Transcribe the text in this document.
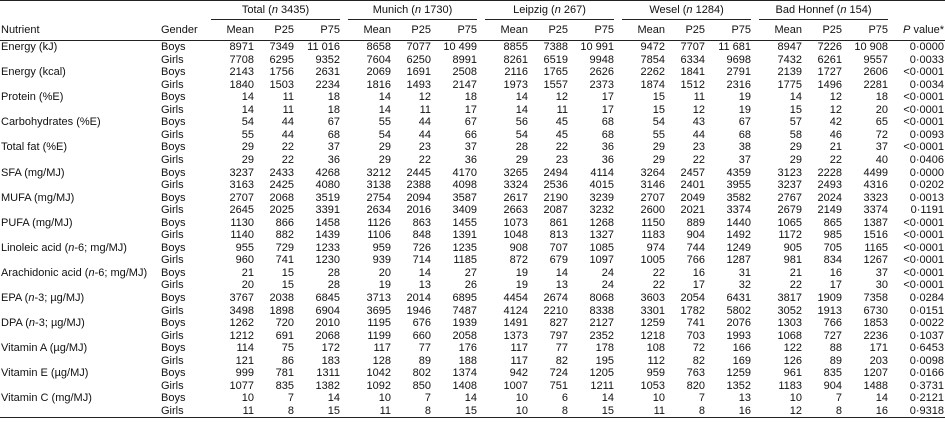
		Total (n 3435)				Munich (n 1730)				Leipzig (n 267)				Wesel (n 1284)				Bad Honnef (n 154)			
Nutrient	Gender	Mean	P25	P75		Mean	P25	P75		Mean	P25	P75		Mean	P25	P75		Mean	P25	P75	P value*
Energy (kJ)	Boys	8971	7349	11 016		8658	7077	10 499		8855	7388	10 991		9472	7707	11 681		8947	7226	10 908	0·0000
	Girls	7708	6295	9352		7604	6250	8991		8261	6519	9948		7854	6334	9698		7432	6261	9557	0·0033
Energy (kcal)	Boys	2143	1756	2631		2069	1691	2508		2116	1765	2626		2262	1841	2791		2139	1727	2606	<0·0001
	Girls	1840	1503	2234		1816	1493	2147		1973	1557	2373		1874	1512	2316		1775	1496	2281	0·0034
Protein (%E)	Boys	14	11	18		14	12	18		14	12	17		15	11	19		14	12	18	<0·0001
	Girls	14	11	18		14	11	17		14	11	17		15	12	19		15	12	20	<0·0001
Carbohydrates (%E)	Boys	54	44	67		55	44	67		56	45	68		54	43	67		57	42	65	<0·0001
	Girls	55	44	68		54	44	66		54	45	68		55	44	68		58	46	72	0·0093
Total fat (%E)	Boys	29	22	37		29	23	37		28	22	36		29	23	38		29	21	37	<0·0001
	Girls	29	22	36		29	22	36		29	23	36		29	22	37		29	22	40	0·0406
SFA (mg/MJ)	Boys	3237	2433	4268		3212	2445	4170		3265	2494	4114		3264	2457	4359		3123	2228	4499	0·0000
	Girls	3163	2425	4080		3138	2388	4098		3324	2536	4015		3146	2401	3955		3237	2493	4316	0·0202
MUFA (mg/MJ)	Boys	2707	2068	3519		2754	2094	3587		2617	2190	3239		2707	2049	3582		2767	2024	3323	0·0013
	Girls	2645	2025	3391		2634	2016	3409		2663	2087	3232		2600	2021	3374		2679	2149	3374	0·1191
PUFA (mg/MJ)	Boys	1130	866	1458		1126	863	1455		1073	861	1268		1150	889	1440		1065	865	1387	<0·0001
	Girls	1140	882	1439		1106	848	1391		1048	813	1327		1183	904	1492		1172	985	1516	<0·0001
Linoleic acid (n-6; mg/MJ)	Boys	955	729	1233		959	726	1235		908	707	1085		974	744	1249		905	705	1165	<0·0001
	Girls	960	741	1230		939	714	1185		872	679	1097		1005	766	1287		981	834	1267	<0·0001
Arachidonic acid (n-6; mg/MJ)	Boys	21	15	28		20	14	27		19	14	24		22	16	31		21	16	37	<0·0001
	Girls	20	15	28		19	13	26		19	13	24		22	17	32		22	17	30	<0·0001
EPA (n-3; µg/MJ)	Boys	3767	2038	6845		3713	2014	6895		4454	2674	8068		3603	2054	6431		3817	1909	7358	0·0284
	Girls	3498	1898	6904		3695	1946	7487		4124	2210	8338		3301	1782	5802		3052	1913	6730	0·0151
DPA (n-3; µg/MJ)	Boys	1262	720	2010		1195	676	1939		1491	827	2127		1259	741	2076		1303	766	1853	0·0022
	Girls	1212	691	2068		1199	660	2058		1373	797	2352		1218	703	1993		1068	727	2236	0·1037
Vitamin A (µg/MJ)	Boys	114	75	172		117	77	176		117	77	178		108	72	166		122	88	171	0·6453
	Girls	121	86	183		128	89	188		117	82	195		112	82	169		126	89	203	0·0098
Vitamin E (µg/MJ)	Boys	999	781	1311		1042	802	1374		942	724	1205		959	763	1259		961	835	1207	0·0166
	Girls	1077	835	1382		1092	850	1408		1007	751	1211		1053	820	1352		1183	904	1488	0·3731
Vitamin C (mg/MJ)	Boys	10	7	14		10	7	14		10	6	14		10	7	13		10	7	14	0·2121
	Girls	11	8	15		11	8	15		10	8	15		11	8	16		12	8	16	0·9318
